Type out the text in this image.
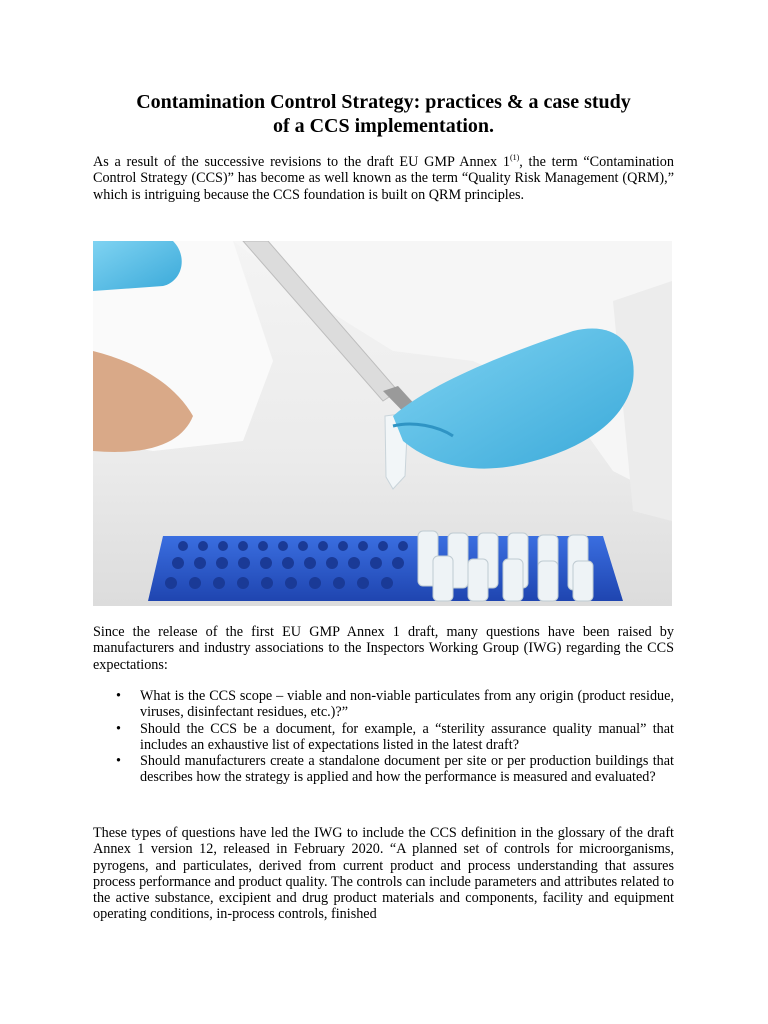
Contamination Control Strategy: practices & a case study
of a CCS implementation.
As a result of the successive revisions to the draft EU GMP Annex 1$^{(1)}$, the term “Contamination Control Strategy (CCS)” has become as well known as the term “Quality Risk Management (QRM),” which is intriguing because the CCS foundation is built on QRM principles.
Since the release of the first EU GMP Annex 1 draft, many questions have been raised by manufacturers and industry associations to the Inspectors Working Group (IWG) regarding the CCS expectations:
• What is the CCS scope – viable and non-viable particulates from any origin (product residue, viruses, disinfectant residues, etc.)?”
• Should the CCS be a document, for example, a “sterility assurance quality manual” that includes an exhaustive list of expectations listed in the latest draft?
• Should manufacturers create a standalone document per site or per production buildings that describes how the strategy is applied and how the performance is measured and evaluated?
These types of questions have led the IWG to include the CCS definition in the glossary of the draft Annex 1 version 12, released in February 2020. “A planned set of controls for microorganisms, pyrogens, and particulates, derived from current product and process understanding that assures process performance and product quality. The controls can include parameters and attributes related to the active substance, excipient and drug product materials and components, facility and equipment operating conditions, in-process controls, finished
